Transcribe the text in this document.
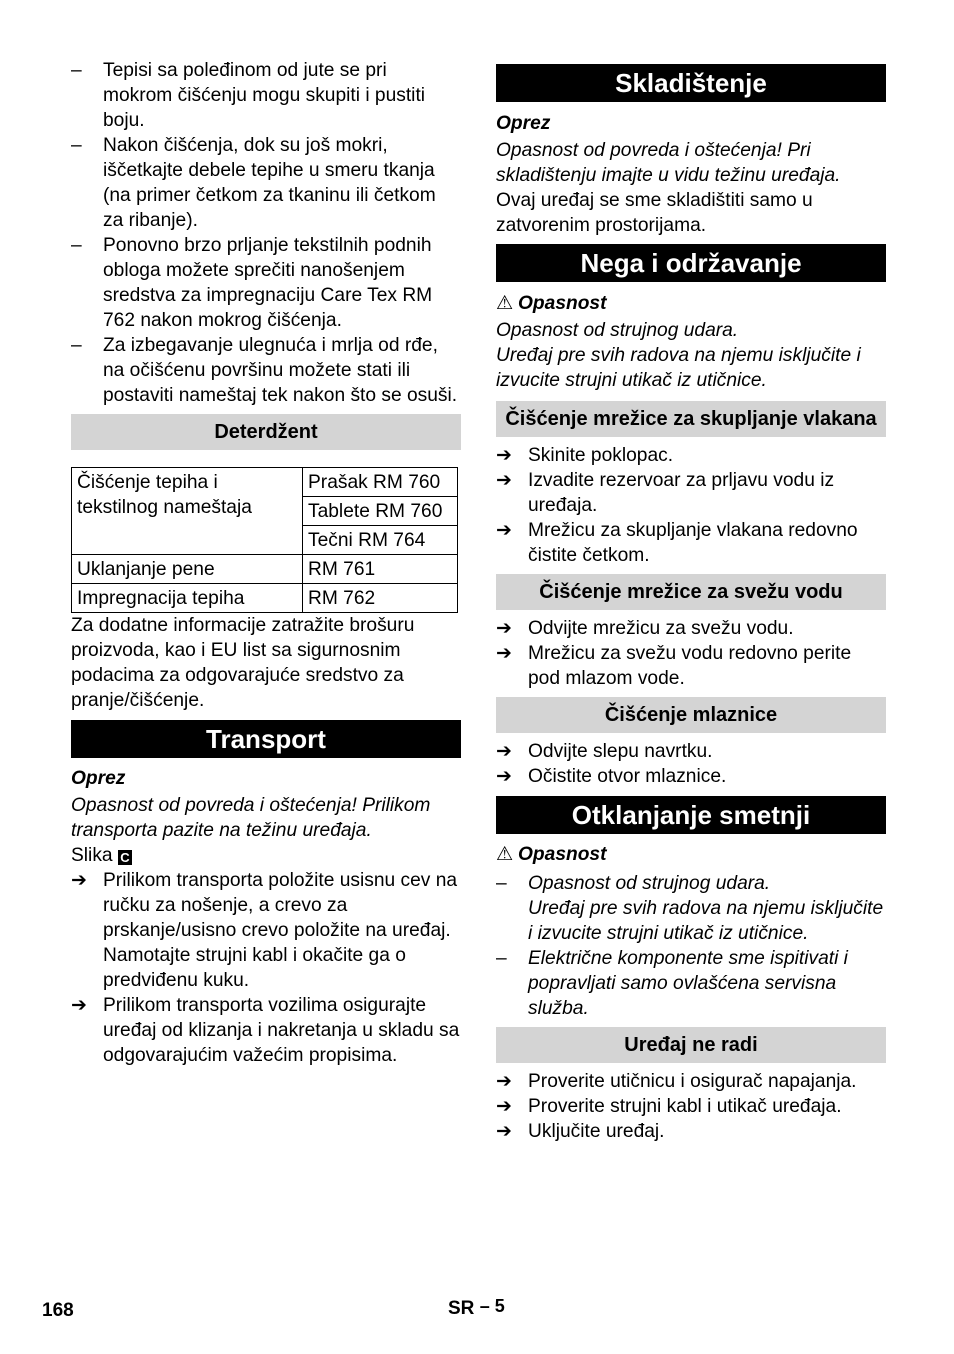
– Tepisi sa poleđinom od jute se pri mokrom čišćenju mogu skupiti i pustiti boju.
– Nakon čišćenja, dok su još mokri, iščetkajte debele tepihe u smeru tkanja (na primer četkom za tkaninu ili četkom za ribanje).
– Ponovno brzo prljanje tekstilnih podnih obloga možete sprečiti nanošenjem sredstva za impregnaciju Care Tex RM 762 nakon mokrog čišćenja.
– Za izbegavanje ulegnuća i mrlja od rđe, na očišćenu površinu možete stati ili postaviti nameštaj tek nakon što se osuši.
Deterdžent
Čišćenje tepiha i tekstilnog nameštaja	Prašak RM 760
	Tablete RM 760
	Tečni RM 764
Uklanjanje pene	RM 761
Impregnacija tepiha	RM 762
Za dodatne informacije zatražite brošuru proizvoda, kao i EU list sa sigurnosnim podacima za odgovarajuće sredstvo za pranje/čišćenje.
Transport
Oprez
Opasnost od povreda i oštećenja! Prilikom transporta pazite na težinu uređaja.
Slika C
➔ Prilikom transporta položite usisnu cev na ručku za nošenje, a crevo za prskanje/usisno crevo položite na uređaj.
Namotajte strujni kabl i okačite ga o predviđenu kuku.
➔ Prilikom transporta vozilima osigurajte uređaj od klizanja i nakretanja u skladu sa odgovarajućim važećim propisima.
Skladištenje
Oprez
Opasnost od povreda i oštećenja! Pri skladištenju imajte u vidu težinu uređaja.
Ovaj uređaj se sme skladištiti samo u zatvorenim prostorijama.
Nega i održavanje
⚠ Opasnost
Opasnost od strujnog udara.
Uređaj pre svih radova na njemu isključite i izvucite strujni utikač iz utičnice.
Čišćenje mrežice za skupljanje vlakana
➔ Skinite poklopac.
➔ Izvadite rezervoar za prljavu vodu iz uređaja.
➔ Mrežicu za skupljanje vlakana redovno čistite četkom.
Čišćenje mrežice za svežu vodu
➔ Odvijte mrežicu za svežu vodu.
➔ Mrežicu za svežu vodu redovno perite pod mlazom vode.
Čišćenje mlaznice
➔ Odvijte slepu navrtku.
➔ Očistite otvor mlaznice.
Otklanjanje smetnji
⚠ Opasnost
– Opasnost od strujnog udara.
Uređaj pre svih radova na njemu isključite i izvucite strujni utikač iz utičnice.
– Električne komponente sme ispitivati i popravljati samo ovlašćena servisna služba.
Uređaj ne radi
➔ Proverite utičnicu i osigurač napajanja.
➔ Proverite strujni kabl i utikač uređaja.
➔ Uključite uređaj.
168	SR – 5
